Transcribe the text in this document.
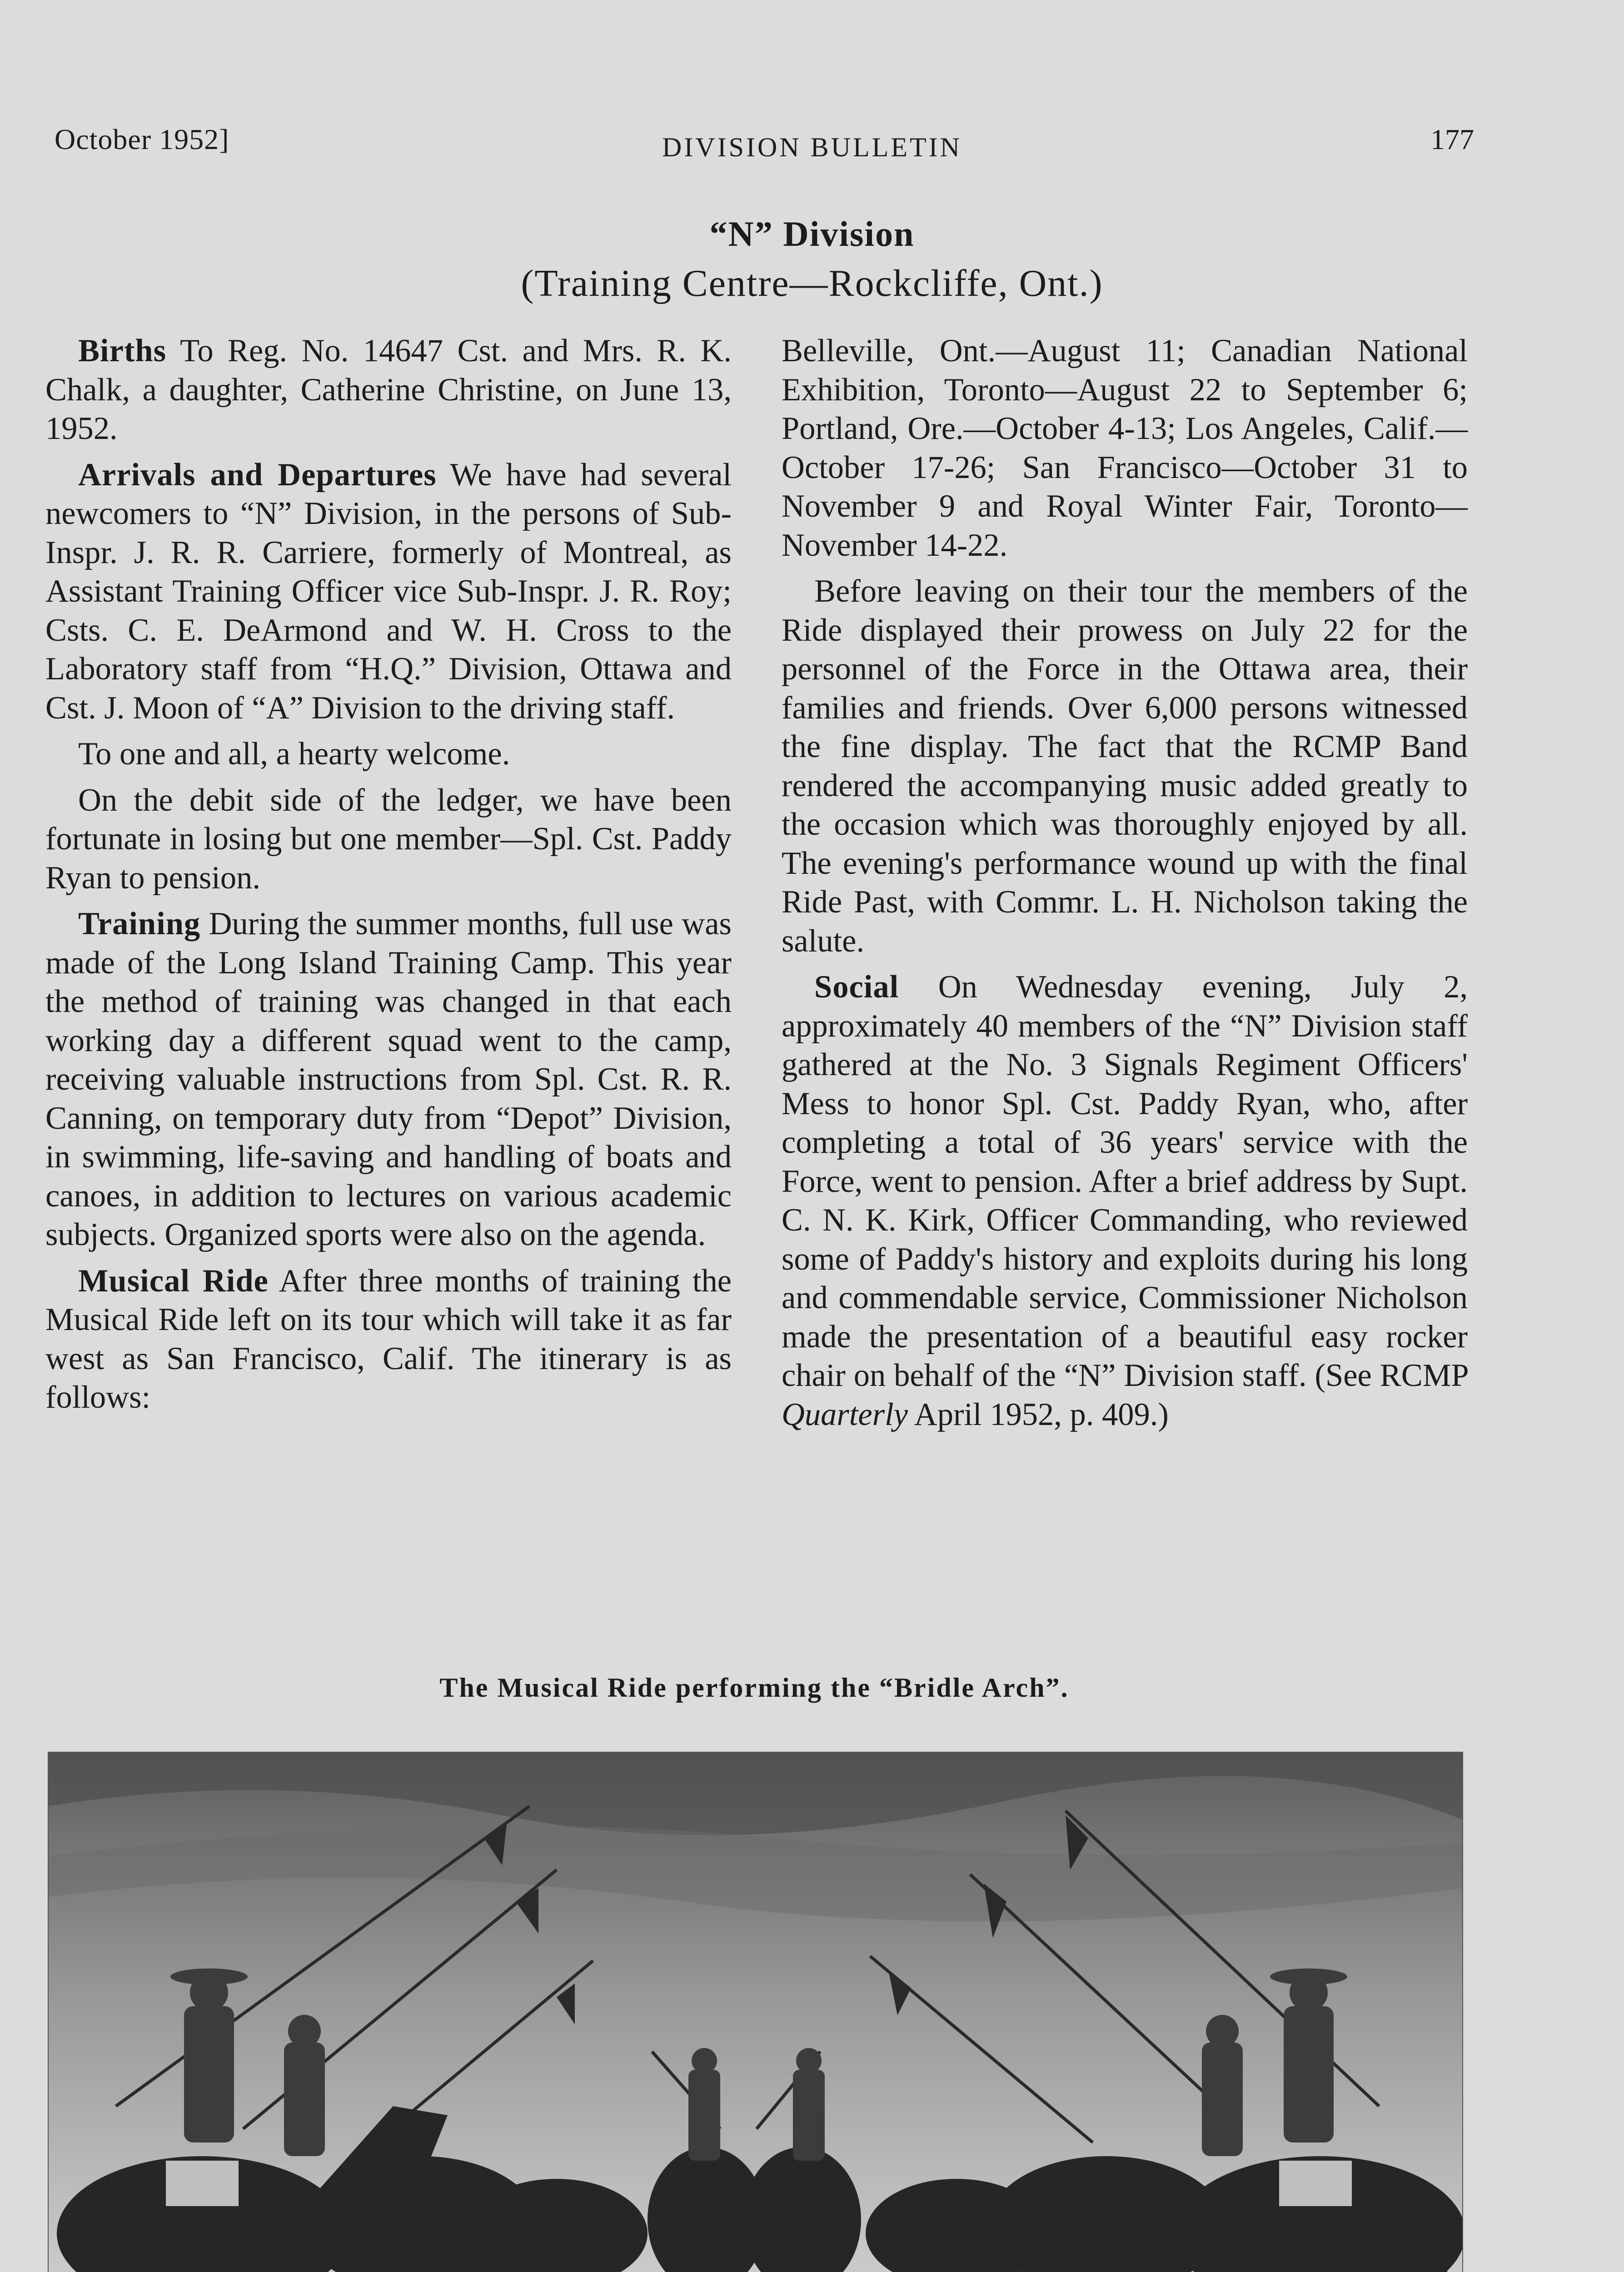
October 1952]	DIVISION BULLETIN	177
“N” Division
(Training Centre—Rockcliffe, Ont.)

Births To Reg. No. 14647 Cst. and Mrs. R. K. Chalk, a daughter, Catherine Christine, on June 13, 1952.

Arrivals and Departures We have had several newcomers to “N” Division, in the persons of Sub-Inspr. J. R. R. Carriere, formerly of Montreal, as Assistant Training Officer vice Sub-Inspr. J. R. Roy; Csts. C. E. DeArmond and W. H. Cross to the Laboratory staff from “H.Q.” Division, Ottawa and Cst. J. Moon of “A” Division to the driving staff.

To one and all, a hearty welcome.

On the debit side of the ledger, we have been fortunate in losing but one member—Spl. Cst. Paddy Ryan to pension.

Training During the summer months, full use was made of the Long Island Training Camp. This year the method of training was changed in that each working day a different squad went to the camp, receiving valuable instructions from Spl. Cst. R. R. Canning, on temporary duty from “Depot” Division, in swimming, life-saving and handling of boats and canoes, in addition to lectures on various academic subjects. Organized sports were also on the agenda.

Musical Ride After three months of training the Musical Ride left on its tour which will take it as far west as San Francisco, Calif. The itinerary is as follows:

Belleville, Ont.—August 11; Canadian National Exhibition, Toronto—August 22 to September 6; Portland, Ore.—October 4-13; Los Angeles, Calif.—October 17-26; San Francisco—October 31 to November 9 and Royal Winter Fair, Toronto—November 14-22.

Before leaving on their tour the members of the Ride displayed their prowess on July 22 for the personnel of the Force in the Ottawa area, their families and friends. Over 6,000 persons witnessed the fine display. The fact that the RCMP Band rendered the accompanying music added greatly to the occasion which was thoroughly enjoyed by all. The evening's performance wound up with the final Ride Past, with Commr. L. H. Nicholson taking the salute.

Social On Wednesday evening, July 2, approximately 40 members of the “N” Division staff gathered at the No. 3 Signals Regiment Officers' Mess to honor Spl. Cst. Paddy Ryan, who, after completing a total of 36 years' service with the Force, went to pension. After a brief address by Supt. C. N. K. Kirk, Officer Commanding, who reviewed some of Paddy's history and exploits during his long and commendable service, Commissioner Nicholson made the presentation of a beautiful easy rocker chair on behalf of the “N” Division staff. (See RCMP Quarterly April 1952, p. 409.)

The Musical Ride performing the “Bridle Arch”.
